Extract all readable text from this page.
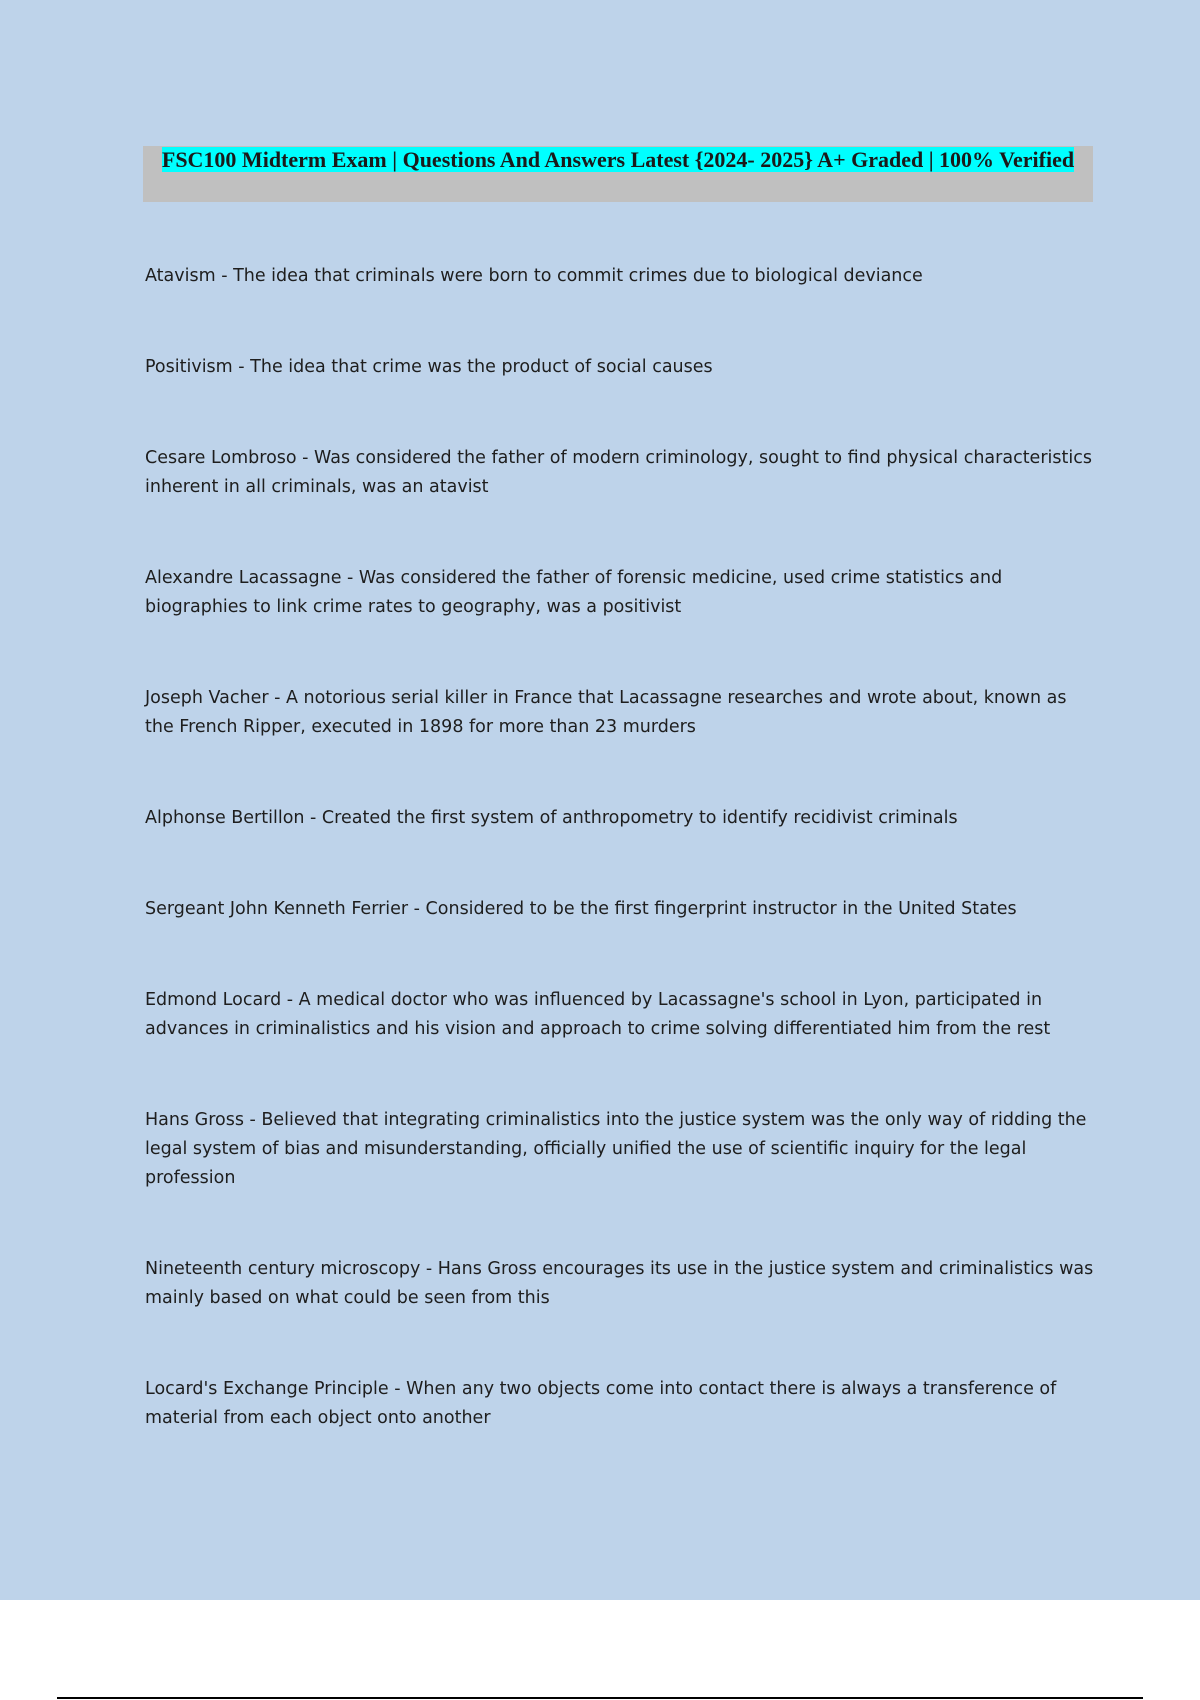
FSC100 Midterm Exam | Questions And Answers Latest {2024- 2025} A+ Graded | 100% Verified

Atavism - The idea that criminals were born to commit crimes due to biological deviance

Positivism - The idea that crime was the product of social causes

Cesare Lombroso - Was considered the father of modern criminology, sought to find physical characteristics inherent in all criminals, was an atavist

Alexandre Lacassagne - Was considered the father of forensic medicine, used crime statistics and biographies to link crime rates to geography, was a positivist

Joseph Vacher - A notorious serial killer in France that Lacassagne researches and wrote about, known as the French Ripper, executed in 1898 for more than 23 murders

Alphonse Bertillon - Created the first system of anthropometry to identify recidivist criminals

Sergeant John Kenneth Ferrier - Considered to be the first fingerprint instructor in the United States

Edmond Locard - A medical doctor who was influenced by Lacassagne's school in Lyon, participated in advances in criminalistics and his vision and approach to crime solving differentiated him from the rest

Hans Gross - Believed that integrating criminalistics into the justice system was the only way of ridding the legal system of bias and misunderstanding, officially unified the use of scientific inquiry for the legal profession

Nineteenth century microscopy - Hans Gross encourages its use in the justice system and criminalistics was mainly based on what could be seen from this

Locard's Exchange Principle - When any two objects come into contact there is always a transference of material from each object onto another
